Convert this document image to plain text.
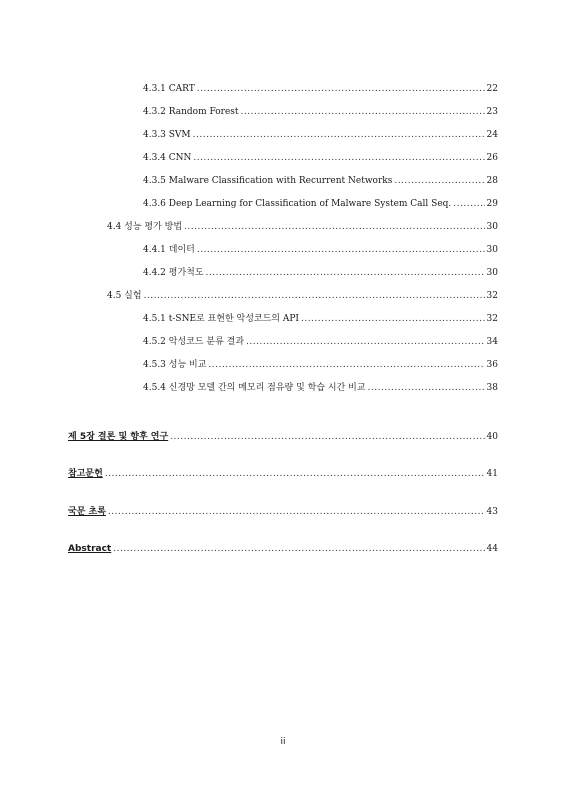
4.3.1 CART .....	22
4.3.2 Random Forest .....	23
4.3.3 SVM .....	24
4.3.4 CNN .....	26
4.3.5 Malware Classification with Recurrent Networks .....	28
4.3.6 Deep Learning for Classification of Malware System Call Seq. .....	29
4.4 성능 평가 방법 .....	30
4.4.1 데이터 .....	30
4.4.2 평가척도 .....	30
4.5 실험 .....	32
4.5.1 t-SNE로 표현한 악성코드의 API .....	32
4.5.2 악성코드 분류 결과 .....	34
4.5.3 성능 비교 .....	36
4.5.4 신경망 모델 간의 메모리 점유량 및 학습 시간 비교 .....	38
제 5장 결론 및 향후 연구 .....	40
참고문헌 .....	41
국문 초록 .....	43
Abstract .....	44
ii
